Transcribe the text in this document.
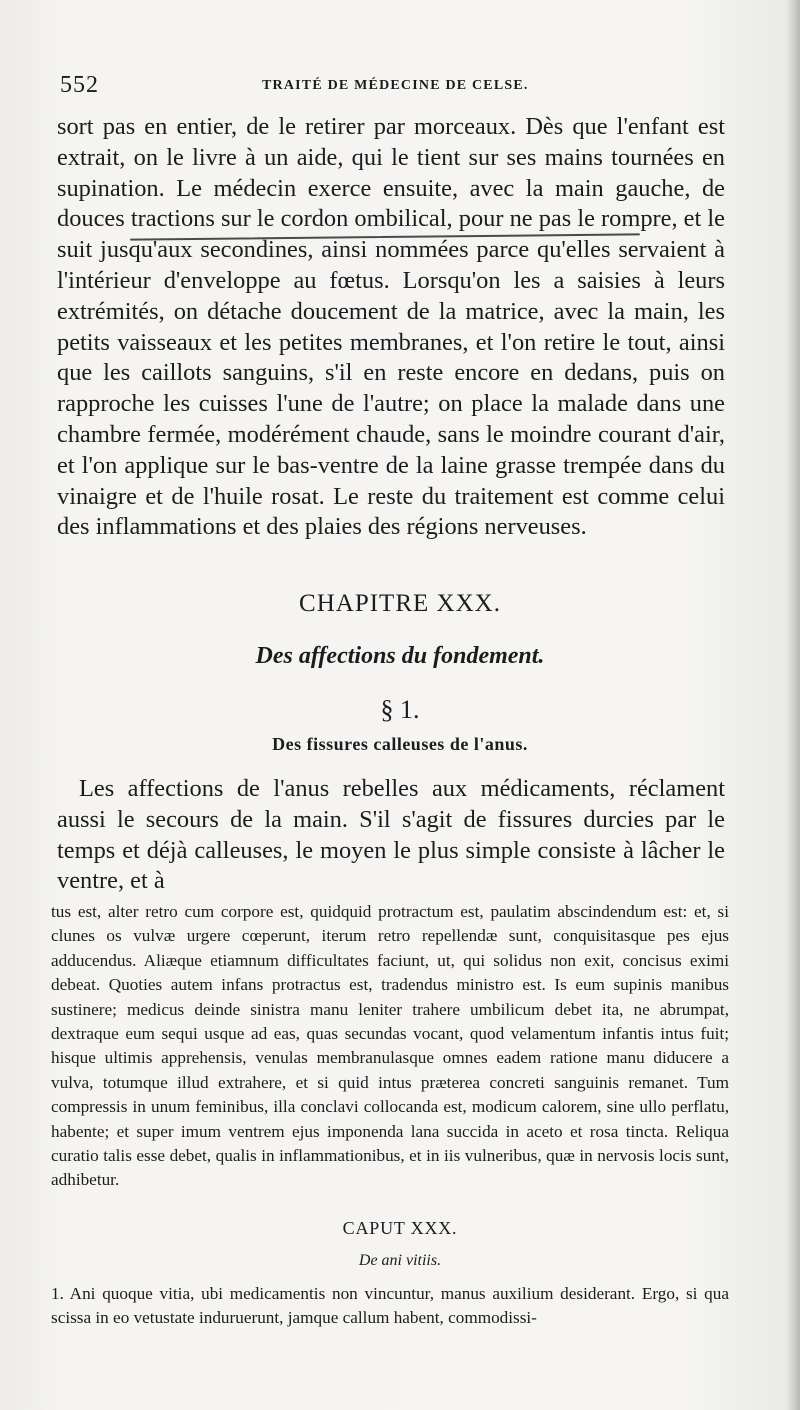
552	TRAITÉ DE MÉDECINE DE CELSE.

sort pas en entier, de le retirer par morceaux. Dès que l'enfant est extrait, on le livre à un aide, qui le tient sur ses mains tournées en supination. Le médecin exerce ensuite, avec la main gauche, de douces tractions sur le cordon ombilical, pour ne pas le rompre, et le suit jusqu'aux secondines, ainsi nommées parce qu'elles servaient à l'intérieur d'enveloppe au fœtus. Lorsqu'on les a saisies à leurs extrémités, on détache doucement de la matrice, avec la main, les petits vaisseaux et les petites membranes, et l'on retire le tout, ainsi que les caillots sanguins, s'il en reste encore en dedans, puis on rapproche les cuisses l'une de l'autre; on place la malade dans une chambre fermée, modérément chaude, sans le moindre courant d'air, et l'on applique sur le bas-ventre de la laine grasse trempée dans du vinaigre et de l'huile rosat. Le reste du traitement est comme celui des inflammations et des plaies des régions nerveuses.

CHAPITRE XXX.
Des affections du fondement.
§ 1.
Des fissures calleuses de l'anus.

Les affections de l'anus rebelles aux médicaments, réclament aussi le secours de la main. S'il s'agit de fissures durcies par le temps et déjà calleuses, le moyen le plus simple consiste à lâcher le ventre, et à

tus est, alter retro cum corpore est, quidquid protractum est, paulatim abscindendum est: et, si clunes os vulvæ urgere cœperunt, iterum retro repellendæ sunt, conquisitasque pes ejus adducendus. Aliæque etiamnum difficultates faciunt, ut, qui solidus non exit, concisus eximi debeat. Quoties autem infans protractus est, tradendus ministro est. Is eum supinis manibus sustinere; medicus deinde sinistra manu leniter trahere umbilicum debet ita, ne abrumpat, dextraque eum sequi usque ad eas, quas secundas vocant, quod velamentum infantis intus fuit; hisque ultimis apprehensis, venulas membranulasque omnes eadem ratione manu diducere a vulva, totumque illud extrahere, et si quid intus præterea concreti sanguinis remanet. Tum compressis in unum feminibus, illa conclavi collocanda est, modicum calorem, sine ullo perflatu, habente; et super imum ventrem ejus imponenda lana succida in aceto et rosa tincta. Reliqua curatio talis esse debet, qualis in inflammationibus, et in iis vulneribus, quæ in nervosis locis sunt, adhibetur.

CAPUT XXX.
De ani vitiis.

1. Ani quoque vitia, ubi medicamentis non vincuntur, manus auxilium desiderant. Ergo, si qua scissa in eo vetustate induruerunt, jamque callum habent, commodissi-
